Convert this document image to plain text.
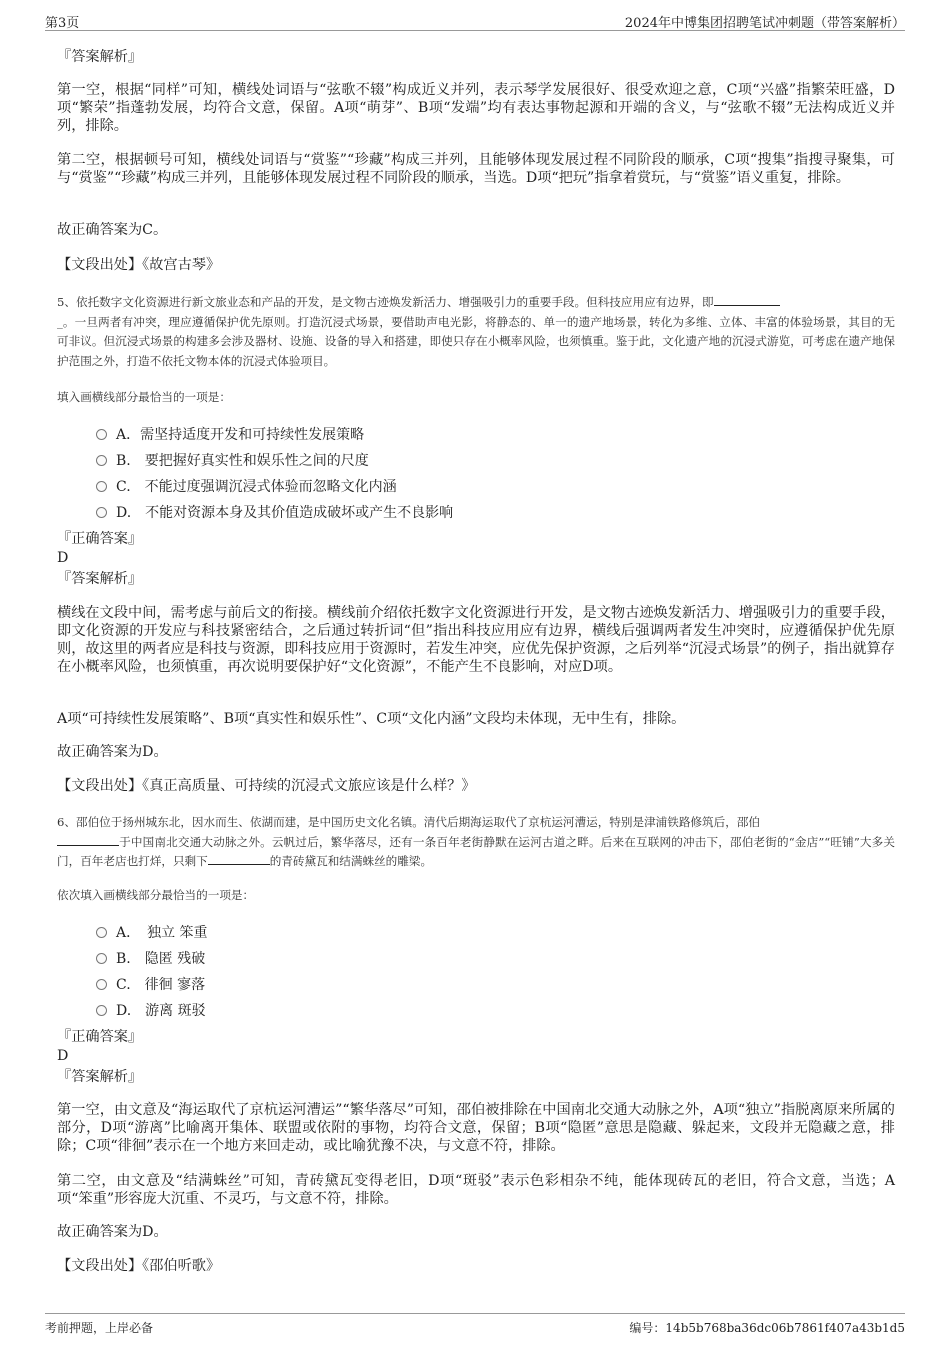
第3页	2024年中博集团招聘笔试冲刺题（带答案解析）

『答案解析』

第一空，根据“同样”可知，横线处词语与“弦歌不辍”构成近义并列，表示琴学发展很好、很受欢迎之意，C项“兴盛”指繁荣旺盛，D项“繁荣”指蓬勃发展，均符合文意，保留。A项“萌芽”、B项“发端”均有表达事物起源和开端的含义，与“弦歌不辍”无法构成近义并列，排除。

第二空，根据顿号可知，横线处词语与“赏鉴”“珍藏”构成三并列，且能够体现发展过程不同阶段的顺承，C项“搜集”指搜寻聚集，可与“赏鉴”“珍藏”构成三并列，且能够体现发展过程不同阶段的顺承，当选。D项“把玩”指拿着赏玩，与“赏鉴”语义重复，排除。

故正确答案为C。

【文段出处】《故宫古琴》

5、依托数字文化资源进行新文旅业态和产品的开发，是文物古迹焕发新活力、增强吸引力的重要手段。但科技应用应有边界，即
_。一旦两者有冲突，理应遵循保护优先原则。打造沉浸式场景，要借助声电光影，将静态的、单一的遗产地场景，转化为多维、立体、丰富的体验场景，其目的无可非议。但沉浸式场景的构建多会涉及器材、设施、设备的导入和搭建，即使只存在小概率风险，也须慎重。鉴于此，文化遗产地的沉浸式游览，可考虑在遗产地保护范围之外，打造不依托文物本体的沉浸式体验项目。

填入画横线部分最恰当的一项是：

A．需坚持适度开发和可持续性发展策略
B.　要把握好真实性和娱乐性之间的尺度
C.　不能过度强调沉浸式体验而忽略文化内涵
D.　不能对资源本身及其价值造成破坏或产生不良影响

『正确答案』

D

『答案解析』

横线在文段中间，需考虑与前后文的衔接。横线前介绍依托数字文化资源进行开发，是文物古迹焕发新活力、增强吸引力的重要手段，即文化资源的开发应与科技紧密结合，之后通过转折词“但”指出科技应用应有边界，横线后强调两者发生冲突时，应遵循保护优先原则，故这里的两者应是科技与资源，即科技应用于资源时，若发生冲突，应优先保护资源，之后列举“沉浸式场景”的例子，指出就算存在小概率风险，也须慎重，再次说明要保护好“文化资源”，不能产生不良影响，对应D项。

A项“可持续性发展策略”、B项“真实性和娱乐性”、C项“文化内涵”文段均未体现，无中生有，排除。

故正确答案为D。

【文段出处】《真正高质量、可持续的沉浸式文旅应该是什么样？》

6、邵伯位于扬州城东北，因水而生、依湖而建，是中国历史文化名镇。清代后期海运取代了京杭运河漕运，特别是津浦铁路修筑后，邵伯
于中国南北交通大动脉之外。云帆过后，繁华落尽，还有一条百年老街静默在运河古道之畔。后来在互联网的冲击下，邵伯老街的“金店”“旺铺”大多关门，百年老店也打烊，只剩下	的青砖黛瓦和结满蛛丝的雕梁。

依次填入画横线部分最恰当的一项是：

A．　独立 笨重
B.　隐匿 残破
C.　徘徊 寥落
D.　游离 斑驳

『正确答案』

D

『答案解析』

第一空，由文意及“海运取代了京杭运河漕运”“繁华落尽”可知，邵伯被排除在中国南北交通大动脉之外，A项“独立”指脱离原来所属的部分，D项“游离”比喻离开集体、联盟或依附的事物，均符合文意，保留；B项“隐匿”意思是隐藏、躲起来，文段并无隐藏之意，排除；C项“徘徊”表示在一个地方来回走动，或比喻犹豫不决，与文意不符，排除。

第二空，由文意及“结满蛛丝”可知，青砖黛瓦变得老旧，D项“斑驳”表示色彩相杂不纯，能体现砖瓦的老旧，符合文意，当选；A项“笨重”形容庞大沉重、不灵巧，与文意不符，排除。

故正确答案为D。

【文段出处】《邵伯听歌》

考前押题，上岸必备	编号：14b5b768ba36dc06b7861f407a43b1d5
